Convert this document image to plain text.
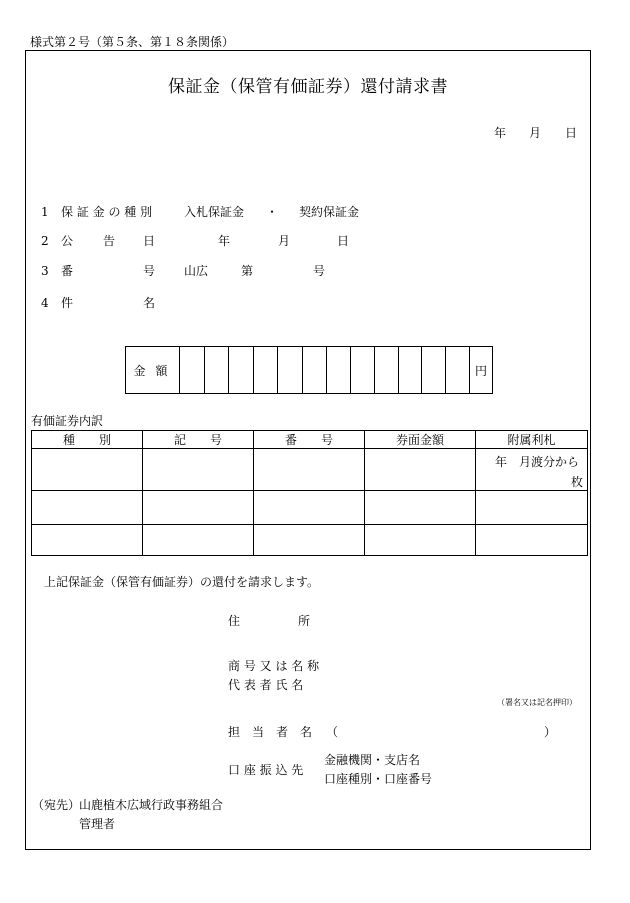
様式第２号（第５条、第１８条関係）
保証金（保管有価証券）還付請求書
年 月 日
1 保 証 金 の 種 別	入札保証金 ・ 契約保証金
2 公 告 日	年	月	日
3 番	号 山広	第	号
4 件	名
金額	円
有価証券内訳
種　　別	記　　号	番　　号	券面金額	附属利札

				年　月渡分から
枚

上記保証金（保管有価証券）の還付を請求します。
住	所
商 号 又 は 名 称
代 表 者 氏 名
（署名又は記名押印）
担　当　者　名 （	）
口 座 振 込 先
金融機関・支店名
口座種別・口座番号
（宛先）
山鹿植木広域行政事務組合
管理者
